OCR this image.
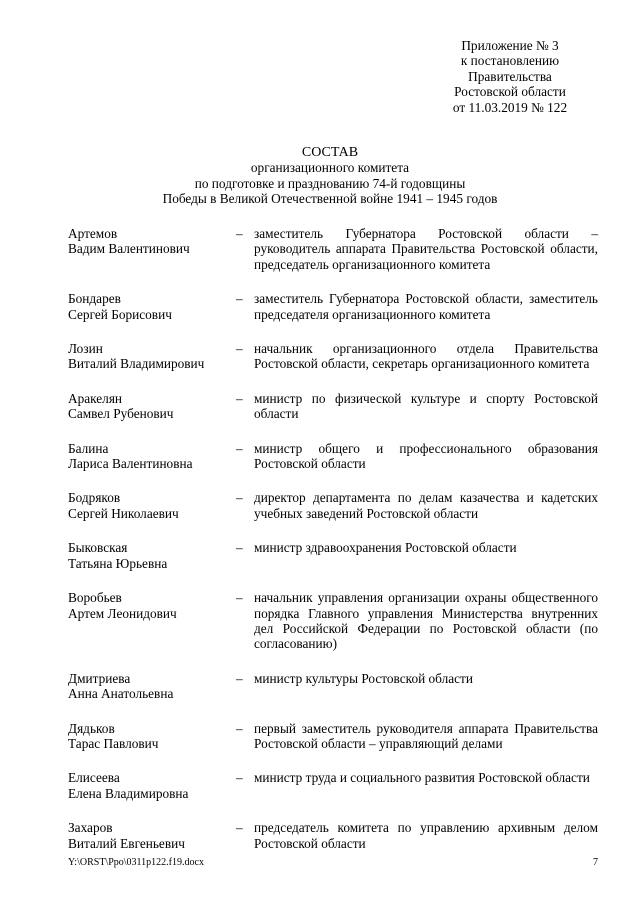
Приложение № 3
к постановлению
Правительства
Ростовской области
от 11.03.2019 № 122
СОСТАВ
организационного комитета
по подготовке и празднованию 74-й годовщины
Победы в Великой Отечественной войне 1941 – 1945 годов
Артемов
Вадим Валентинович
– заместитель Губернатора Ростовской области – руководитель аппарата Правительства Ростовской области, председатель организационного комитета
Бондарев
Сергей Борисович
– заместитель Губернатора Ростовской области, заместитель председателя организационного комитета
Лозин
Виталий Владимирович
– начальник организационного отдела Правительства Ростовской области, секретарь организационного комитета
Аракелян
Самвел Рубенович
– министр по физической культуре и спорту Ростовской области
Балина
Лариса Валентиновна
– министр общего и профессионального образования Ростовской области
Бодряков
Сергей Николаевич
– директор департамента по делам казачества и кадетских учебных заведений Ростовской области
Быковская
Татьяна Юрьевна
– министр здравоохранения Ростовской области
Воробьев
Артем Леонидович
– начальник управления организации охраны общественного порядка Главного управления Министерства внутренних дел Российской Федерации по Ростовской области (по согласованию)
Дмитриева
Анна Анатольевна
– министр культуры Ростовской области
Дядьков
Тарас Павлович
– первый заместитель руководителя аппарата Правительства Ростовской области – управляющий делами
Елисеева
Елена Владимировна
– министр труда и социального развития Ростовской области
Захаров
Виталий Евгеньевич
– председатель комитета по управлению архивным делом Ростовской области
Y:\ORST\Ppo\0311p122.f19.docx	7
